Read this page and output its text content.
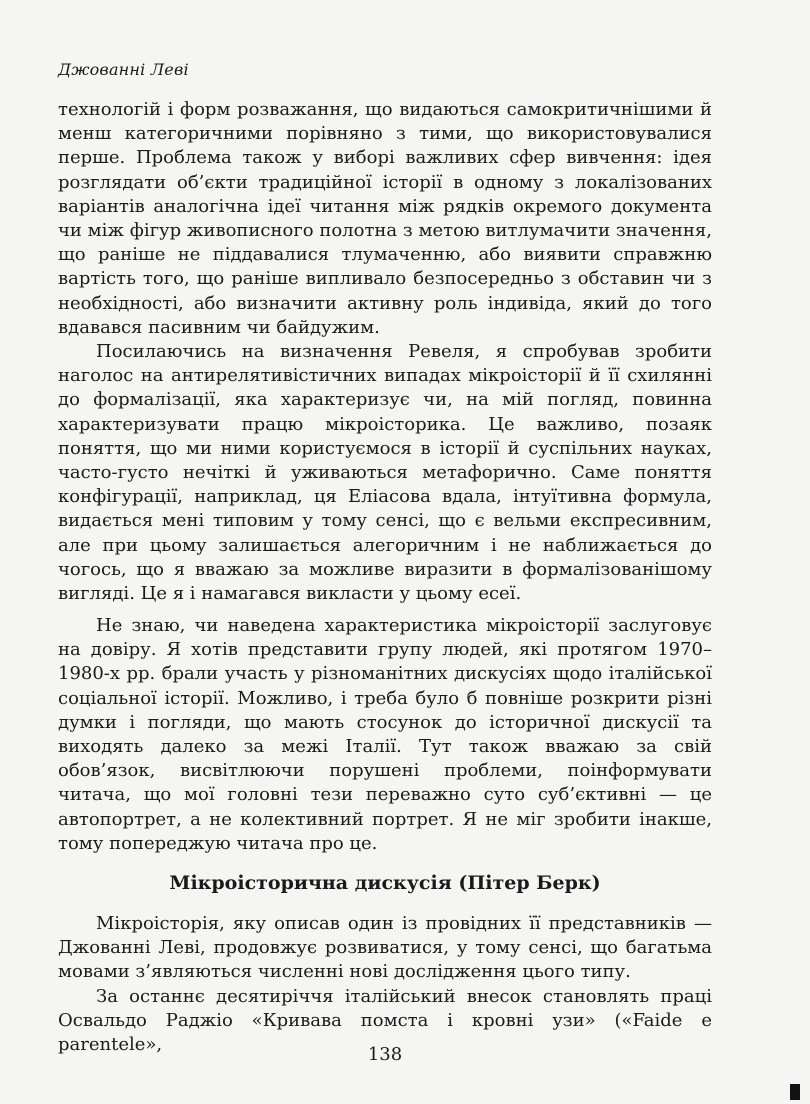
Джованні Леві

технологій і форм розважання, що видаються самокритичнішими й менш категоричними порівняно з тими, що використовувалися перше. Проблема також у виборі важливих сфер вивчення: ідея розглядати об’єкти традиційної історії в одному з локалізованих варіантів аналогічна ідеї читання між рядків окремого документа чи між фігур живописного полотна з метою витлумачити значення, що раніше не піддавалися тлумаченню, або виявити справжню вартість того, що раніше випливало безпосередньо з обставин чи з необхідності, або визначити активну роль індивіда, який до того вдавався пасивним чи байдужим.

Посилаючись на визначення Ревеля, я спробував зробити наголос на антирелятивістичних випадах мікроісторії й її схилянні до формалізації, яка характеризує чи, на мій погляд, повинна характеризувати працю мікроісторика. Це важливо, позаяк поняття, що ми ними користуємося в історії й суспільних науках, часто-густо нечіткі й уживаються метафорично. Саме поняття конфігурації, наприклад, ця Еліасова вдала, інтуїтивна формула, видається мені типовим у тому сенсі, що є вельми експресивним, але при цьому залишається алегоричним і не наближається до чогось, що я вважаю за можливе виразити в формалізованішому вигляді. Це я і намагався викласти у цьому есеї.

Не знаю, чи наведена характеристика мікроісторії заслуговує на довіру. Я хотів представити групу людей, які протягом 1970–1980-х рр. брали участь у різноманітних дискусіях щодо італійської соціальної історії. Можливо, і треба було б повніше розкрити різні думки і погляди, що мають стосунок до історичної дискусії та виходять далеко за межі Італії. Тут також вважаю за свій обов’язок, висвітлюючи порушені проблеми, поінформувати читача, що мої головні тези переважно суто суб’єктивні — це автопортрет, а не колективний портрет. Я не міг зробити інакше, тому попереджую читача про це.

Мікроісторична дискусія (Пітер Берк)

Мікроісторія, яку описав один із провідних її представників — Джованні Леві, продовжує розвиватися, у тому сенсі, що багатьма мовами з’являються численні нові дослідження цього типу.

За останнє десятиріччя італійський внесок становлять праці Освальдо Раджіо «Кривава помста і кровні узи» («Faide e parentele»,	138
